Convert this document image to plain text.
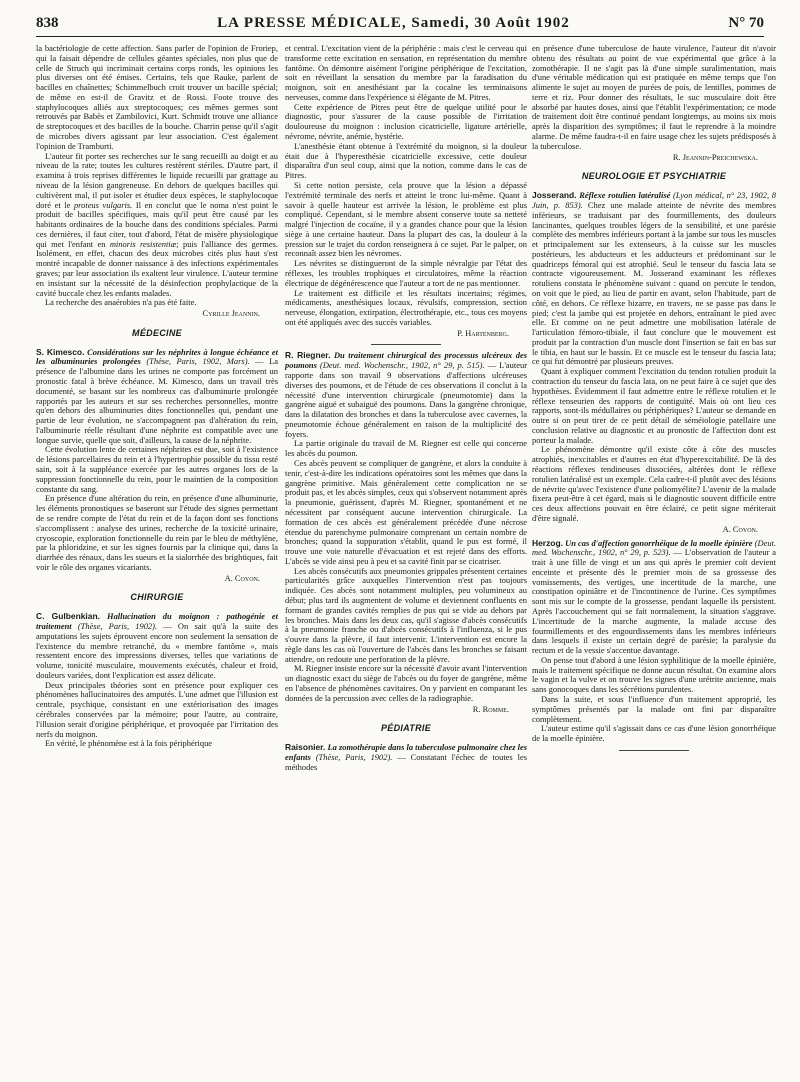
838	LA PRESSE MÉDICALE, Samedi, 30 Août 1902	N° 70

la bactériologie de cette affection. Sans parler de l'opinion de Froriep, qui la faisait dépendre de cellules géantes spéciales, non plus que de celle de Struch qui incriminait certains corps ronds, les opinions les plus diverses ont été émises. Certains, tels que Rauke, parlent de bacilles en chaînettes; Schimmelbuch croit trouver un bacille spécial; de même en est-il de Gravitz et de Rossi. Foote trouve des staphylocoques alliés aux streptocoques; ces mêmes germes sont retrouvés par Babès et Zambilovici, Kurt. Schmidt trouve une alliance de streptocoques et des bacilles de la bouche. Charrin pense qu'il s'agit de microbes divers agissant par leur association. C'est également l'opinion de Tramburti.

L'auteur fit porter ses recherches sur le sang recueilli au doigt et au niveau de la rate; toutes les cultures restèrent stériles. D'autre part, il examina à trois reprises différentes le liquide recueilli par grattage au niveau de la lésion gangreneuse. En dehors de quelques bacilles qui cultivèrent mal, il put isoler et étudier deux espèces, le staphylocoque doré et le proteus vulgaris. Il en conclut que le noma n'est point le produit de bacilles spécifiques, mais qu'il peut être causé par les habitants ordinaires de la bouche dans des conditions spéciales. Parmi ces dernières, il faut citer, tout d'abord, l'état de misère physiologique qui met l'enfant en minoris resistentiæ; puis l'alliance des germes. Isolément, en effet, chacun des deux microbes cités plus haut s'est montré incapable de donner naissance à des infections expérimentales graves; par leur association ils exaltent leur virulence. L'auteur termine en insistant sur la nécessité de la désinfection prophylactique de la cavité buccale chez les enfants malades.

La recherche des anaérobies n'a pas été faite.

Cyrille Jeannin.
MÉDECINE

S. Kimesco. Considérations sur les néphrites à longue échéance et les albuminuries prolongées (Thèse, Paris, 1902, Mars). — La présence de l'albumine dans les urines ne comporte pas forcément un pronostic fatal à brève échéance. M. Kimesco, dans un travail très documenté, se basant sur les nombreux cas d'albuminurie prolongée rapportés par les auteurs et sur ses recherches personnelles, montre qu'en dehors des albuminuries dites fonctionnelles qui, pendant une partie de leur évolution, ne s'accompagnent pas d'altération du rein, l'albuminurie réelle résultant d'une néphrite est compatible avec une longue survie, quelle que soit, d'ailleurs, la cause de la néphrite.

Cette évolution lente de certaines néphrites est due, soit à l'existence de lésions parcellaires du rein et à l'hypertrophie possible du tissu resté sain, soit à la suppléance exercée par les autres organes lors de la suppression fonctionnelle du rein, pour le maintien de la composition constante du sang.

En présence d'une altération du rein, en présence d'une albuminurie, les éléments pronostiques se baseront sur l'étude des signes permettant de se rendre compte de l'état du rein et de la façon dont ses fonctions s'accomplissent : analyse des urines, recherche de la toxicité urinaire, cryoscopie, exploration fonctionnelle du rein par le bleu de méthylène, par la phloridzine, et sur les signes fournis par la clinique qui, dans la diarrhée des rénaux, dans les sueurs et la sialorrhée des brightiques, fait voir le rôle des organes vicariants.

A. Coyon.
CHIRURGIE

C. Gulbenkian. Hallucination du moignon : pathogénie et traitement (Thèse, Paris, 1902). — On sait qu'à la suite des amputations les sujets éprouvent encore non seulement la sensation de l'existence du membre retranché, du « membre fantôme », mais ressentent encore des impressions diverses, telles que variations de volume, tonicité musculaire, mouvements exécutés, chaleur et froid, douleurs variées, dont l'explication est assez délicate.

Deux principales théories sont en présence pour expliquer ces phénomènes hallucinatoires des amputés. L'une admet que l'illusion est centrale, psychique, consistant en une extériorisation des images cérébrales conservées par la mémoire; pour l'autre, au contraire, l'illusion serait d'origine périphérique, et provoquée par l'irritation des nerfs du moignon.

En vérité, le phénomène est à la fois périphérique

et central. L'excitation vient de la périphérie : mais c'est le cerveau qui transforme cette excitation en sensation, en représentation du membre fantôme. On démontre aisément l'origine périphérique de l'excitation, soit en réveillant la sensation du membre par la faradisation du moignon, soit en anesthésiant par la cocaïne les terminaisons nerveuses, comme dans l'expérience si élégante de M. Pitres.

Cette expérience de Pitres peut être de quelque utilité pour le diagnostic, pour s'assurer de la cause possible de l'irritation douloureuse du moignon : inclusion cicatricielle, ligature artérielle, névrome, névrite, anémie, hystérie.

L'anesthésie étant obtenue à l'extrémité du moignon, si la douleur était due à l'hyperesthésie cicatricielle excessive, cette douleur disparaîtra d'un seul coup, ainsi que la notion, comme dans le cas de Pitres.

Si cette notion persiste, cela prouve que la lésion a dépassé l'extrémité terminale des nerfs et atteint le tronc lui-même. Quant à savoir à quelle hauteur est arrivée la lésion, le problème est plus compliqué. Cependant, si le membre absent conserve toute sa netteté malgré l'injection de cocaïne, il y a grandes chance pour que la lésion siège à une certaine hauteur. Dans la plupart des cas, la douleur à la pression sur le trajet du cordon renseignera à ce sujet. Par le palper, on reconnaît assez bien les névromes.

Les névrites se distingueront de la simple névralgie par l'état des réflexes, les troubles trophiques et circulatoires, même la réaction électrique de dégénérescence que l'auteur a tort de ne pas mentionner.

Le traitement est difficile et les résultats incertains; régimes, médicaments, anesthésiques locaux, révulsifs, compression, section nerveuse, élongation, extirpation, électrothérapie, etc., tous ces moyens ont été appliqués avec des succès variables.

P. Hartenberg.

R. Riegner. Du traitement chirurgical des processus ulcéreux des poumons (Deut. med. Wochenschr., 1902, n° 29, p. 515). — L'auteur rapporte dans son travail 9 observations d'affections ulcéreuses diverses des poumons, et de l'étude de ces observations il conclut à la nécessité d'une intervention chirurgicale (pneumotomie) dans la gangrène aiguë et subaiguë des poumons. Dans la gangrène chronique, dans la dilatation des bronches et dans la tuberculose avec cavernes, la pneumotomie échoue généralement en raison de la multiplicité des foyers.

La partie originale du travail de M. Riegner est celle qui concerne les abcès du poumon.

Ces abcès peuvent se compliquer de gangrène, et alors la conduite à tenir, c'est-à-dire les indications opératoires sont les mêmes que dans la gangrène primitive. Mais généralement cette complication ne se produit pas, et les abcès simples, ceux qui s'observent notamment après la pneumonie, guérissent, d'après M. Riegner, spontanément et ne nécessitent par conséquent aucune intervention chirurgicale. La formation de ces abcès est généralement précédée d'une nécrose étendue du parenchyme pulmonaire comprenant un certain nombre de bronches; quand la suppuration s'établit, quand le pus est formé, il trouve une voie naturelle d'évacuation et est rejeté dans des efforts. L'abcès se vide ainsi peu à peu et sa cavité finit par se cicatriser.

Les abcès consécutifs aux pneumonies grippales présentent certaines particularités grâce auxquelles l'intervention n'est pas toujours indiquée. Ces abcès sont notamment multiples, peu volumineux au début; plus tard ils augmentent de volume et deviennent confluents en formant de grandes cavités remplies de pus qui se vide au dehors par les bronches. Mais dans les deux cas, qu'il s'agisse d'abcès consécutifs à la pneumonie franche ou d'abcès consécutifs à l'influenza, si le pus s'ouvre dans la plèvre, il faut intervenir. L'intervention est encore la règle dans les cas où l'ouverture de l'abcès dans les bronches se faisant attendre, on redoute une perforation de la plèvre.

M. Riegner insiste encore sur la nécessité d'avoir avant l'intervention un diagnostic exact du siège de l'abcès ou du foyer de gangrène, même en l'absence de phénomènes cavitaires. On y parvient en comparant les données de la percussion avec celles de la radiographie.

R. Romme.
PÉDIATRIE

Raisonier. La zomothérapie dans la tuberculose pulmonaire chez les enfants (Thèse, Paris, 1902). — Constatant l'échec de toutes les méthodes

en présence d'une tuberculose de haute virulence, l'auteur dit n'avoir obtenu des résultats au point de vue expérimental que grâce à la zomothérapie. Il ne s'agit pas là d'une simple suralimentation, mais d'une véritable médication qui est pratiquée en même temps que l'on alimente le sujet au moyen de purées de pois, de lentilles, pommes de terre et riz. Pour donner des résultats, le suc musculaire doit être absorbé par hautes doses, ainsi que l'établit l'expérimentation; ce mode de traitement doit être continué pendant longtemps, au moins six mois après la disparition des symptômes; il faut le reprendre à la moindre alarme. De même faudra-t-il en faire usage chez les sujets prédisposés à la tuberculose.

R. Jeannin-Preichewska.
NEUROLOGIE ET PSYCHIATRIE

Josserand. Réflexe rotulien latéralisé (Lyon médical, n° 23, 1902, 8 Juin, p. 853). Chez une malade atteinte de névrite des membres inférieurs, se traduisant par des fourmillements, des douleurs lancinantes, quelques troubles légers de la sensibilité, et une parésie complète des membres inférieurs portant à la jambe sur tous les muscles et principalement sur les extenseurs, à la cuisse sur les muscles postérieurs, les abducteurs et les adducteurs et prédominant sur le quadriceps fémoral qui est atrophié. Seul le tenseur du fascia lata se contracte vigoureusement. M. Josserand examinant les réflexes rotuliens constata le phénomène suivant : quand on percute le tendon, on voit que le pied, au lieu de partir en avant, selon l'habitude, part de côté, en dehors. Ce réflexe bizarre, en travers, ne se passe pas dans le pied; c'est la jambe qui est projetée en dehors, entraînant le pied avec elle. Et comme on ne peut admettre une mobilisation latérale de l'articulation fémoro-tibiale, il faut conclure que le mouvement est produit par la contraction d'un muscle dont l'insertion se fait en bas sur le tibia, en haut sur le bassin. Et ce muscle est le tenseur du fascia lata; ce qui fut démontré par plusieurs preuves.

Quant à expliquer comment l'excitation du tendon rotulien produit la contraction du tenseur du fascia lata, on ne peut faire à ce sujet que des hypothèses. Évidemment il faut admettre entre le réflexe rotulien et le réflexe tenseurien des rapports de contiguïté. Mais où ont lieu ces rapports, sont-ils médullaires ou périphériques? L'auteur se demande en outre si on peut tirer de ce petit détail de séméiologie patellaire une conclusion relative au diagnostic et au pronostic de l'affection dont est porteur la malade.

Le phénomène démontre qu'il existe côte à côte des muscles atrophiés, inexcitables et d'autres en état d'hyperexcitabilité. De là des réactions réflexes tendineuses dissociées, altérées dont le réflexe rotulien latéralisé est un exemple. Cela cadre-t-il plutôt avec des lésions de névrite qu'avec l'existence d'une poliomyélite? L'avenir de la malade fixera peut-être à cet égard, mais si le diagnostic souvent difficile entre ces deux affections pouvait en être éclairé, ce petit signe mériterait d'être signalé.

A. Coyon.

Herzog. Un cas d'affection gonorrhéique de la moelle épinière (Deut. med. Wochenschr., 1902, n° 29, p. 523). — L'observation de l'auteur a trait à une fille de vingt et un ans qui après le premier coït devient enceinte et présente dès le premier mois de sa grossesse des vomissements, des vertiges, une incertitude de la marche, une constipation opiniâtre et de l'incontinence de l'urine. Ces symptômes sont mis sur le compte de la grossesse, pendant laquelle ils persistent. Après l'accouchement qui se fait normalement, la situation s'aggrave. L'incertitude de la marche augmente, la malade accuse des fourmillements et des engourdissements dans les membres inférieurs dans lesquels il existe un certain degré de parésie; la paralysie du rectum et de la vessie s'accentue davantage.

On pense tout d'abord à une lésion syphilitique de la moelle épinière, mais le traitement spécifique ne donne aucun résultat. On examine alors le vagin et la vulve et on trouve les signes d'une urétrite ancienne, mais sans gonocoques dans les sécrétions purulentes.

Dans la suite, et sous l'influence d'un traitement approprié, les symptômes présentés par la malade ont fini par disparaître complètement.

L'auteur estime qu'il s'agissait dans ce cas d'une lésion gonorrhéique de la moelle épinière.
